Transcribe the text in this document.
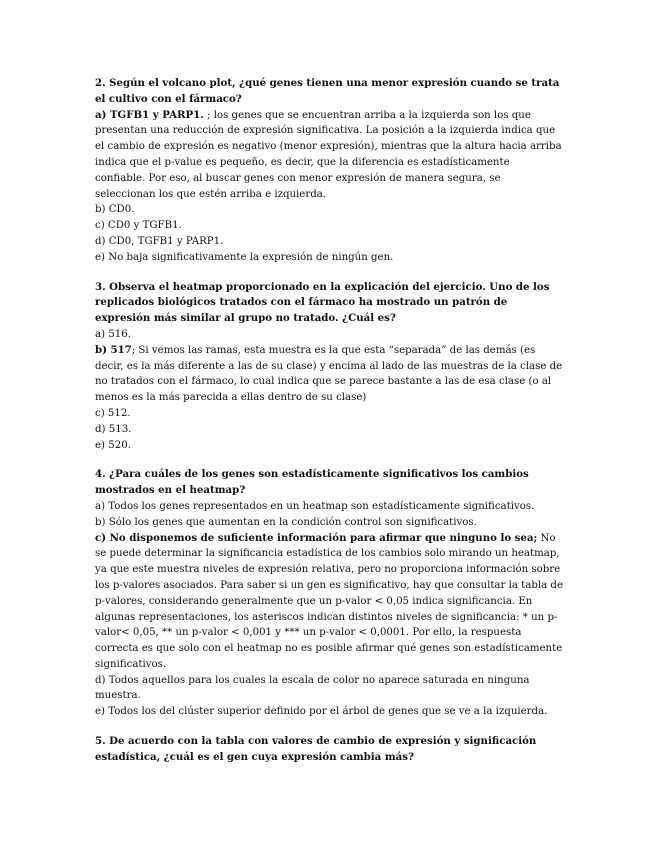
2. Según el volcano plot, ¿qué genes tienen una menor expresión cuando se trata el cultivo con el fármaco?
a) TGFB1 y PARP1. ; los genes que se encuentran arriba a la izquierda son los que presentan una reducción de expresión significativa. La posición a la izquierda indica que el cambio de expresión es negativo (menor expresión), mientras que la altura hacia arriba indica que el p-value es pequeño, es decir, que la diferencia es estadísticamente confiable. Por eso, al buscar genes con menor expresión de manera segura, se seleccionan los que estén arriba e izquierda.
b) CD0.
c) CD0 y TGFB1.
d) CD0, TGFB1 y PARP1.
e) No baja significativamente la expresión de ningún gen.
3. Observa el heatmap proporcionado en la explicación del ejercicio. Uno de los replicados biológicos tratados con el fármaco ha mostrado un patrón de expresión más similar al grupo no tratado. ¿Cuál es?
a) 516.
b) 517; Si vemos las ramas, esta muestra es la que esta “separada” de las demás (es decir, es la más diferente a las de su clase) y encima al lado de las muestras de la clase de no tratados con el fármaco, lo cual indica que se parece bastante a las de esa clase (o al menos es la más parecida a ellas dentro de su clase)
c) 512.
d) 513.
e) 520.
4. ¿Para cuáles de los genes son estadísticamente significativos los cambios mostrados en el heatmap?
a) Todos los genes representados en un heatmap son estadísticamente significativos.
b) Sólo los genes que aumentan en la condición control son significativos.
c) No disponemos de suficiente información para afirmar que ninguno lo sea; No se puede determinar la significancia estadística de los cambios solo mirando un heatmap, ya que este muestra niveles de expresión relativa, pero no proporciona información sobre los p-valores asociados. Para saber si un gen es significativo, hay que consultar la tabla de p-valores, considerando generalmente que un p-valor < 0,05 indica significancia. En algunas representaciones, los asteriscos indican distintos niveles de significancia: * un p-valor< 0,05, ** un p-valor < 0,001 y *** un p-valor < 0,0001. Por ello, la respuesta correcta es que solo con el heatmap no es posible afirmar qué genes son estadísticamente significativos.
d) Todos aquellos para los cuales la escala de color no aparece saturada en ninguna muestra.
e) Todos los del clúster superior definido por el árbol de genes que se ve a la izquierda.
5. De acuerdo con la tabla con valores de cambio de expresión y significación estadística, ¿cuál es el gen cuya expresión cambia más?
